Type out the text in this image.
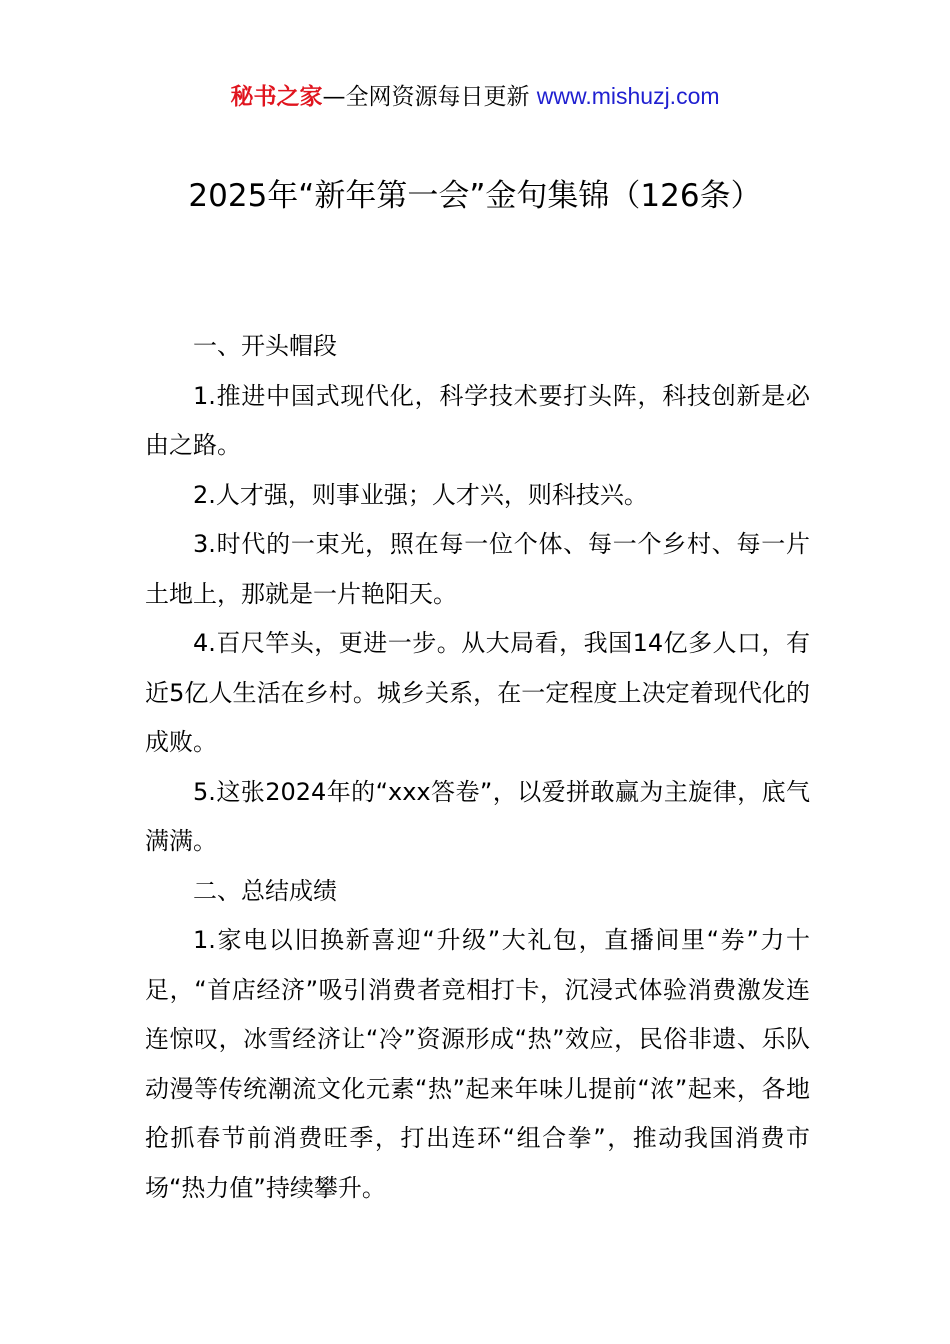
秘书之家—全网资源每日更新 www.mishuzj.com
2025年“新年第一会”金句集锦（126条）

一、开头帽段

1.推进中国式现代化，科学技术要打头阵，科技创新是必由之路。

2.人才强，则事业强；人才兴，则科技兴。

3.时代的一束光，照在每一位个体、每一个乡村、每一片土地上，那就是一片艳阳天。

4.百尺竿头，更进一步。从大局看，我国14亿多人口，有近5亿人生活在乡村。城乡关系，在一定程度上决定着现代化的成败。

5.这张2024年的“xxx答卷”，以爱拼敢赢为主旋律，底气满满。

二、总结成绩

1.家电以旧换新喜迎“升级”大礼包，直播间里“券”力十足，“首店经济”吸引消费者竞相打卡，沉浸式体验消费激发连连惊叹，冰雪经济让“冷”资源形成“热”效应，民俗非遗、乐队动漫等传统潮流文化元素“热”起来年味儿提前“浓”起来，各地抢抓春节前消费旺季，打出连环“组合拳”，推动我国消费市场“热力值”持续攀升。
